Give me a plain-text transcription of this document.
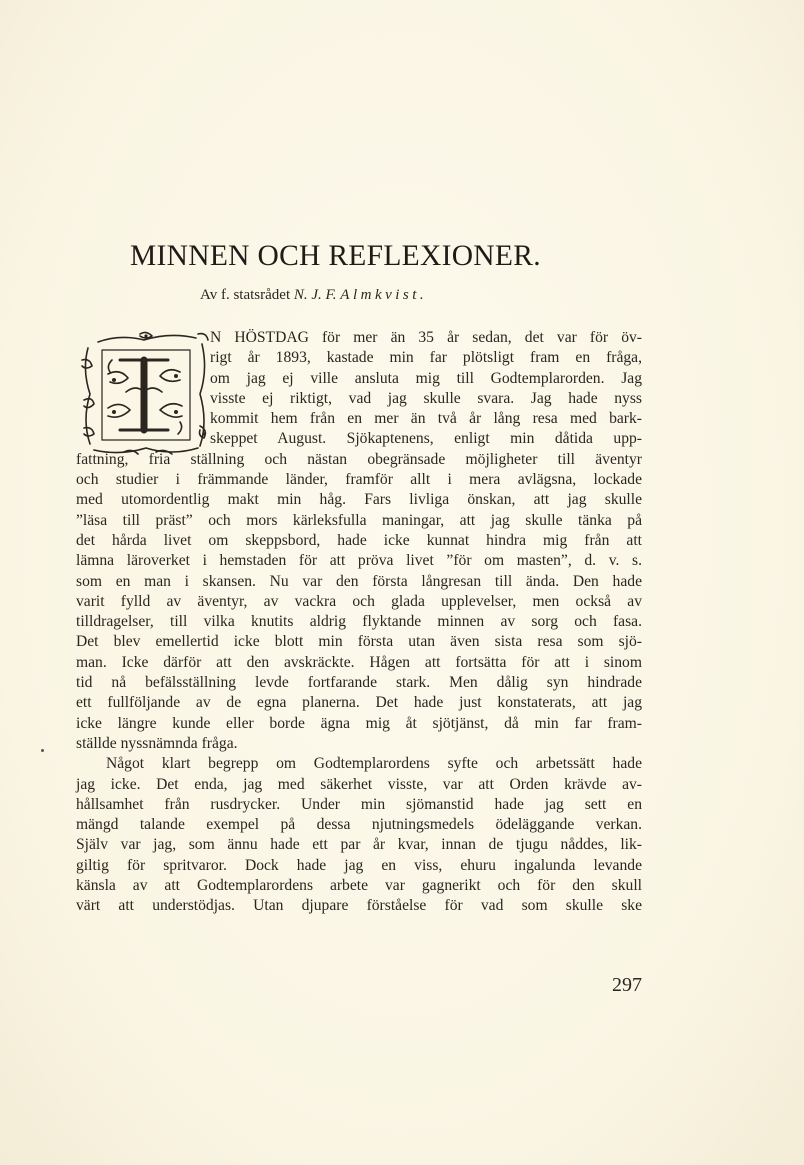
MINNEN OCH REFLEXIONER.
Av f. statsrådet N. J. F. Almkvist.
N HÖSTDAG för mer än 35 år sedan, det var för öv-
rigt år 1893, kastade min far plötsligt fram en fråga,
om jag ej ville ansluta mig till Godtemplarorden. Jag
visste ej riktigt, vad jag skulle svara. Jag hade nyss
kommit hem från en mer än två år lång resa med bark-
skeppet August. Sjökaptenens, enligt min dåtida upp-
fattning, fria ställning och nästan obegränsade möjligheter till äventyr
och studier i främmande länder, framför allt i mera avlägsna, lockade
med utomordentlig makt min håg. Fars livliga önskan, att jag skulle
”läsa till präst” och mors kärleksfulla maningar, att jag skulle tänka på
det hårda livet om skeppsbord, hade icke kunnat hindra mig från att
lämna läroverket i hemstaden för att pröva livet ”för om masten”, d. v. s.
som en man i skansen. Nu var den första långresan till ända. Den hade
varit fylld av äventyr, av vackra och glada upplevelser, men också av
tilldragelser, till vilka knutits aldrig flyktande minnen av sorg och fasa.
Det blev emellertid icke blott min första utan även sista resa som sjö-
man. Icke därför att den avskräckte. Hågen att fortsätta för att i sinom
tid nå befälsställning levde fortfarande stark. Men dålig syn hindrade
ett fullföljande av de egna planerna. Det hade just konstaterats, att jag
icke längre kunde eller borde ägna mig åt sjötjänst, då min far fram-
ställde nyssnämnda fråga.
Något klart begrepp om Godtemplarordens syfte och arbetssätt hade
jag icke. Det enda, jag med säkerhet visste, var att Orden krävde av-
hållsamhet från rusdrycker. Under min sjömanstid hade jag sett en
mängd talande exempel på dessa njutningsmedels ödeläggande verkan.
Själv var jag, som ännu hade ett par år kvar, innan de tjugu nåddes, lik-
giltig för spritvaror. Dock hade jag en viss, ehuru ingalunda levande
känsla av att Godtemplarordens arbete var gagnerikt och för den skull
värt att understödjas. Utan djupare förståelse för vad som skulle ske
297
